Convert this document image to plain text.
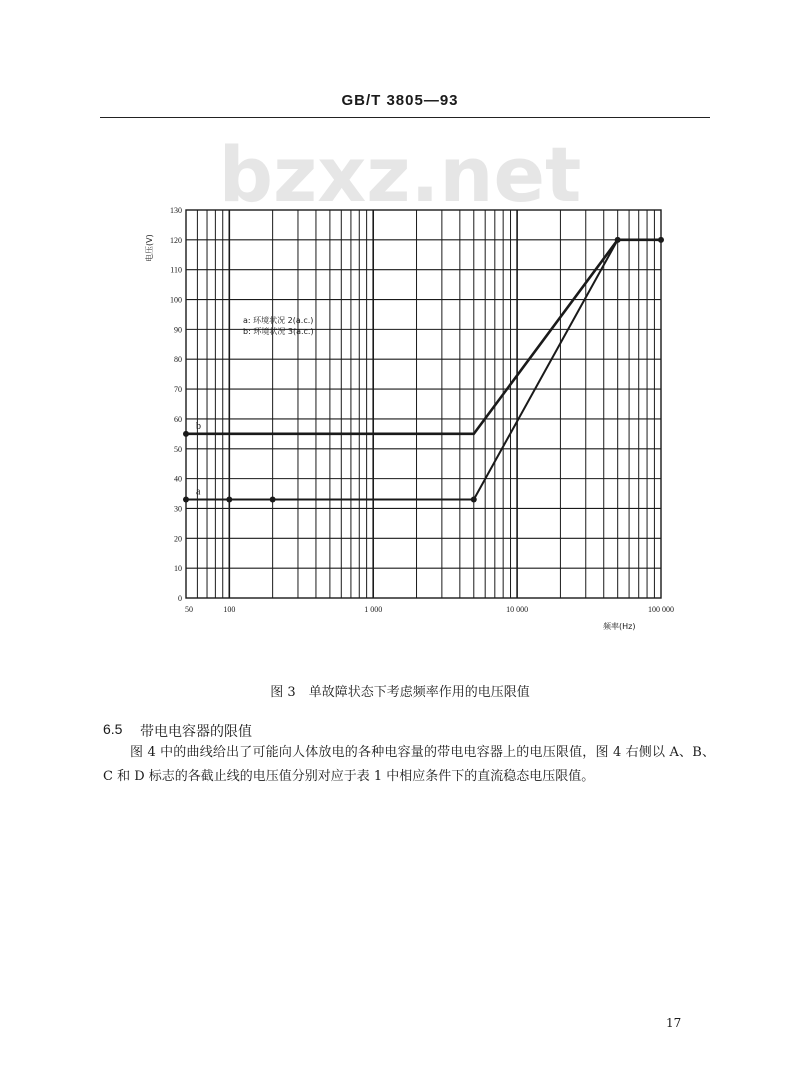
GB/T 3805—93
bzxz.net
0
10
20
30
40
50
60
70
80
90
100
110
120
130
50	100	1 000	10 000	100 000
电压(V)
频率(Hz)
a: 环境状况 2(a.c.)
b: 环境状况 3(a.c.)
a
b
图 3　单故障状态下考虑频率作用的电压限值
6.5 带电电容器的限值
图 4 中的曲线给出了可能向人体放电的各种电容量的带电电容器上的电压限值，图 4 右侧以 A、B、C 和 D 标志的各截止线的电压值分别对应于表 1 中相应条件下的直流稳态电压限值。
17
